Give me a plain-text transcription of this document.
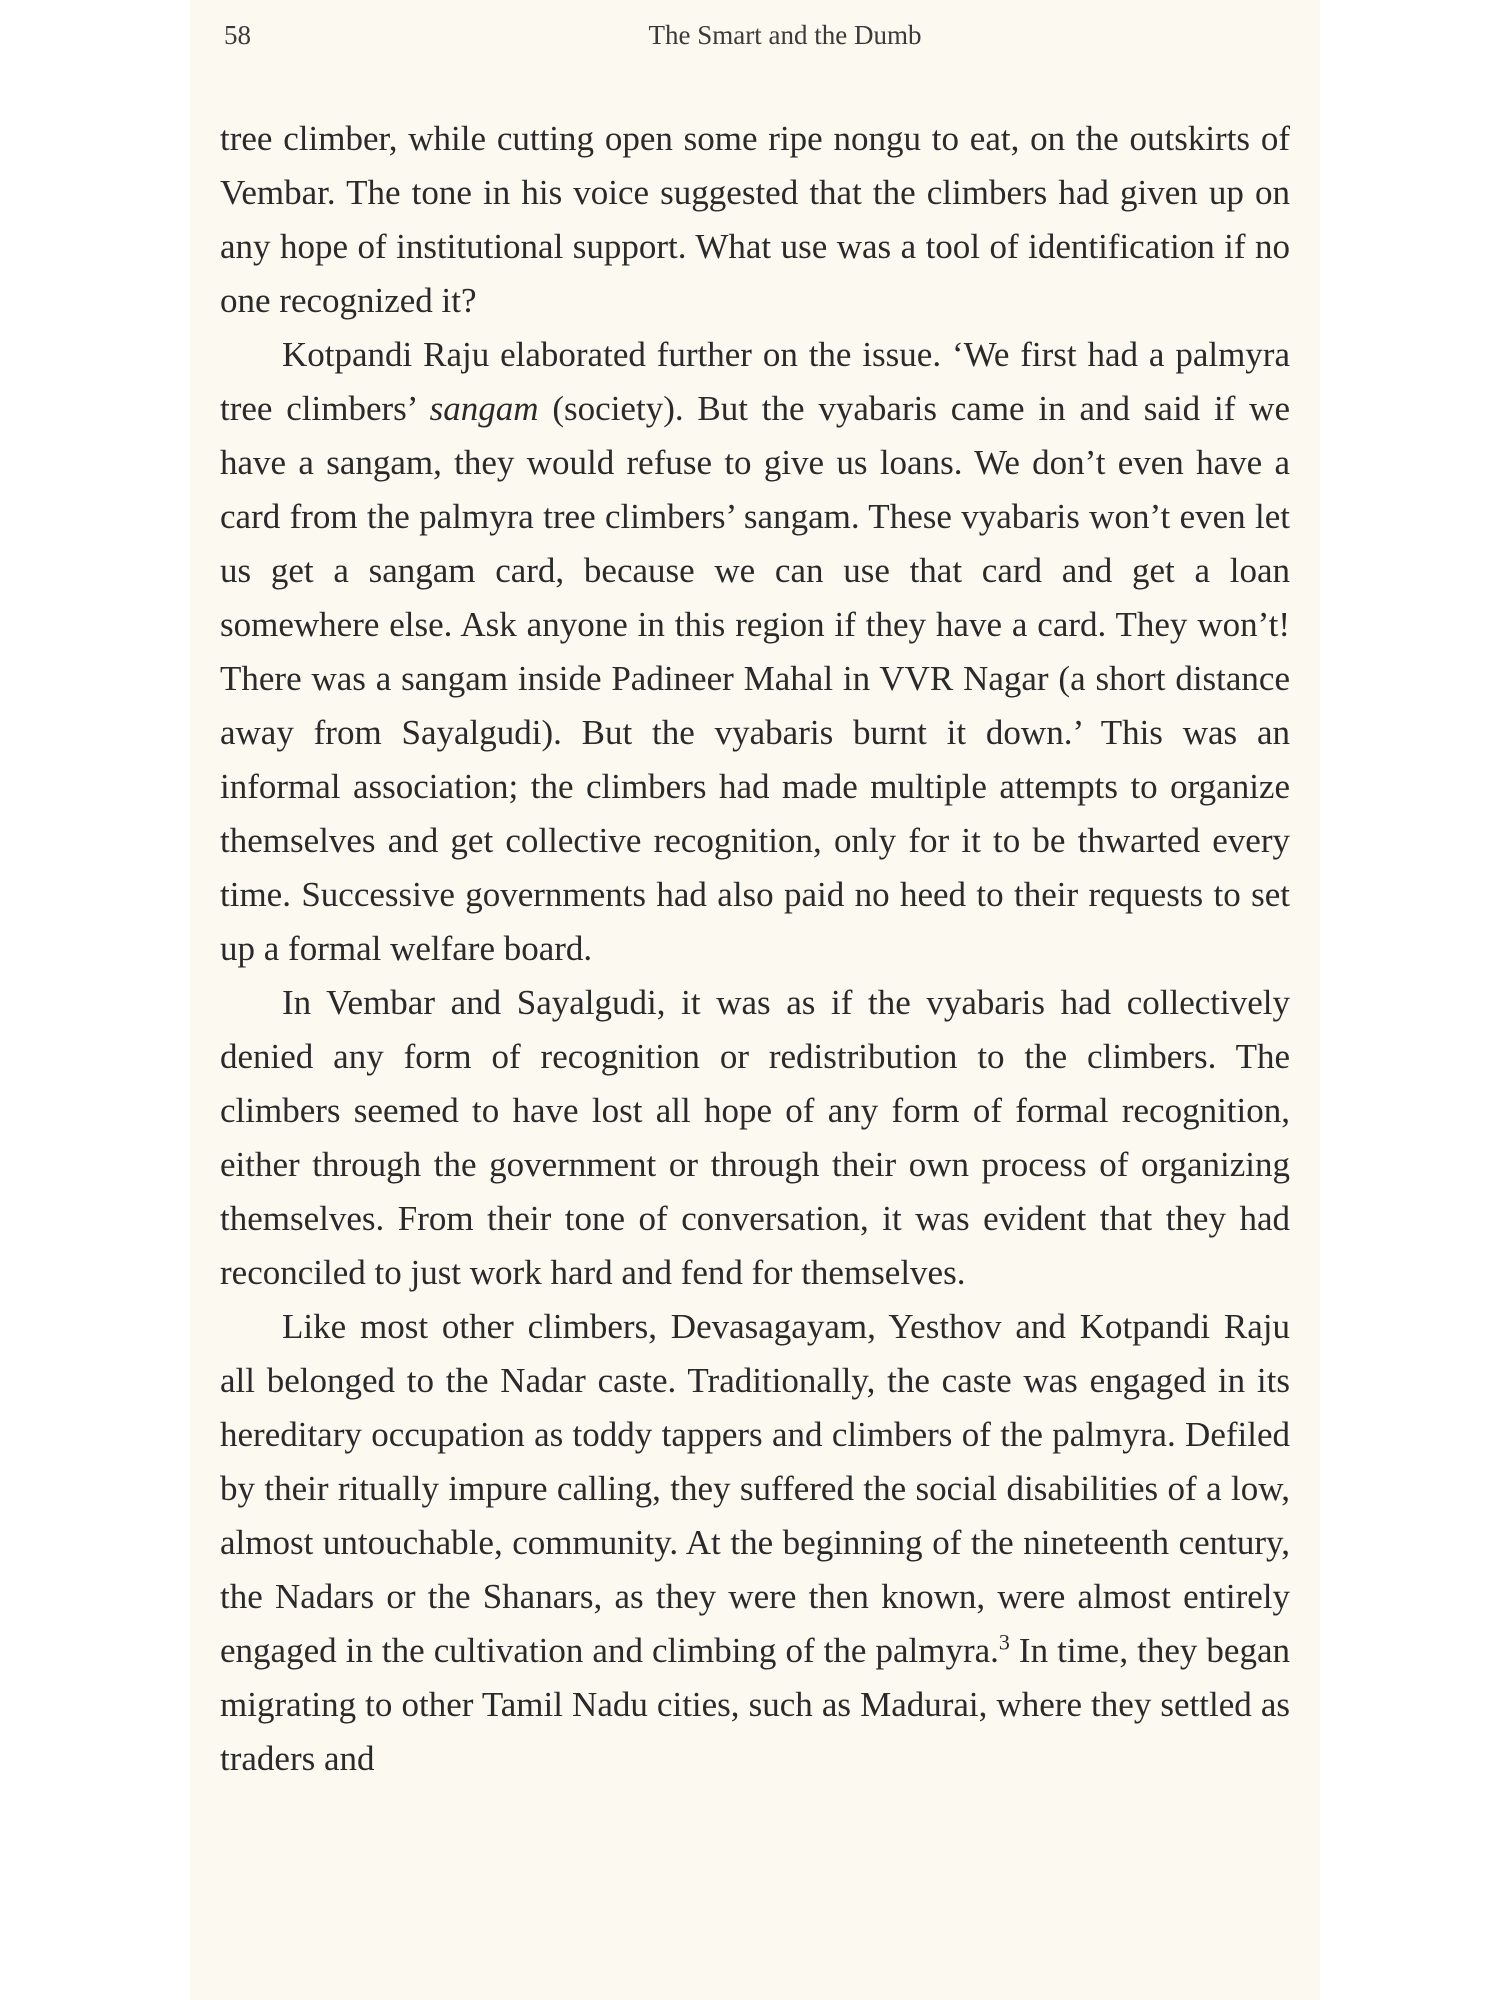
58	The Smart and the Dumb

tree climber, while cutting open some ripe nongu to eat, on the outskirts of Vembar. The tone in his voice suggested that the climbers had given up on any hope of institutional support. What use was a tool of identification if no one recognized it?

Kotpandi Raju elaborated further on the issue. ‘We first had a palmyra tree climbers’ sangam (society). But the vyabaris came in and said if we have a sangam, they would refuse to give us loans. We don’t even have a card from the palmyra tree climbers’ sangam. These vyabaris won’t even let us get a sangam card, because we can use that card and get a loan somewhere else. Ask anyone in this region if they have a card. They won’t! There was a sangam inside Padineer Mahal in VVR Nagar (a short distance away from Sayalgudi). But the vyabaris burnt it down.’ This was an informal association; the climbers had made multiple attempts to organize themselves and get collective recognition, only for it to be thwarted every time. Successive governments had also paid no heed to their requests to set up a formal welfare board.

In Vembar and Sayalgudi, it was as if the vyabaris had collectively denied any form of recognition or redistribution to the climbers. The climbers seemed to have lost all hope of any form of formal recognition, either through the government or through their own process of organizing themselves. From their tone of conversation, it was evident that they had reconciled to just work hard and fend for themselves.

Like most other climbers, Devasagayam, Yesthov and Kotpandi Raju all belonged to the Nadar caste. Traditionally, the caste was engaged in its hereditary occupation as toddy tappers and climbers of the palmyra. Defiled by their ritually impure calling, they suffered the social disabilities of a low, almost untouchable, community. At the beginning of the nineteenth century, the Nadars or the Shanars, as they were then known, were almost entirely engaged in the cultivation and climbing of the palmyra.$^3$ In time, they began migrating to other Tamil Nadu cities, such as Madurai, where they settled as traders and
